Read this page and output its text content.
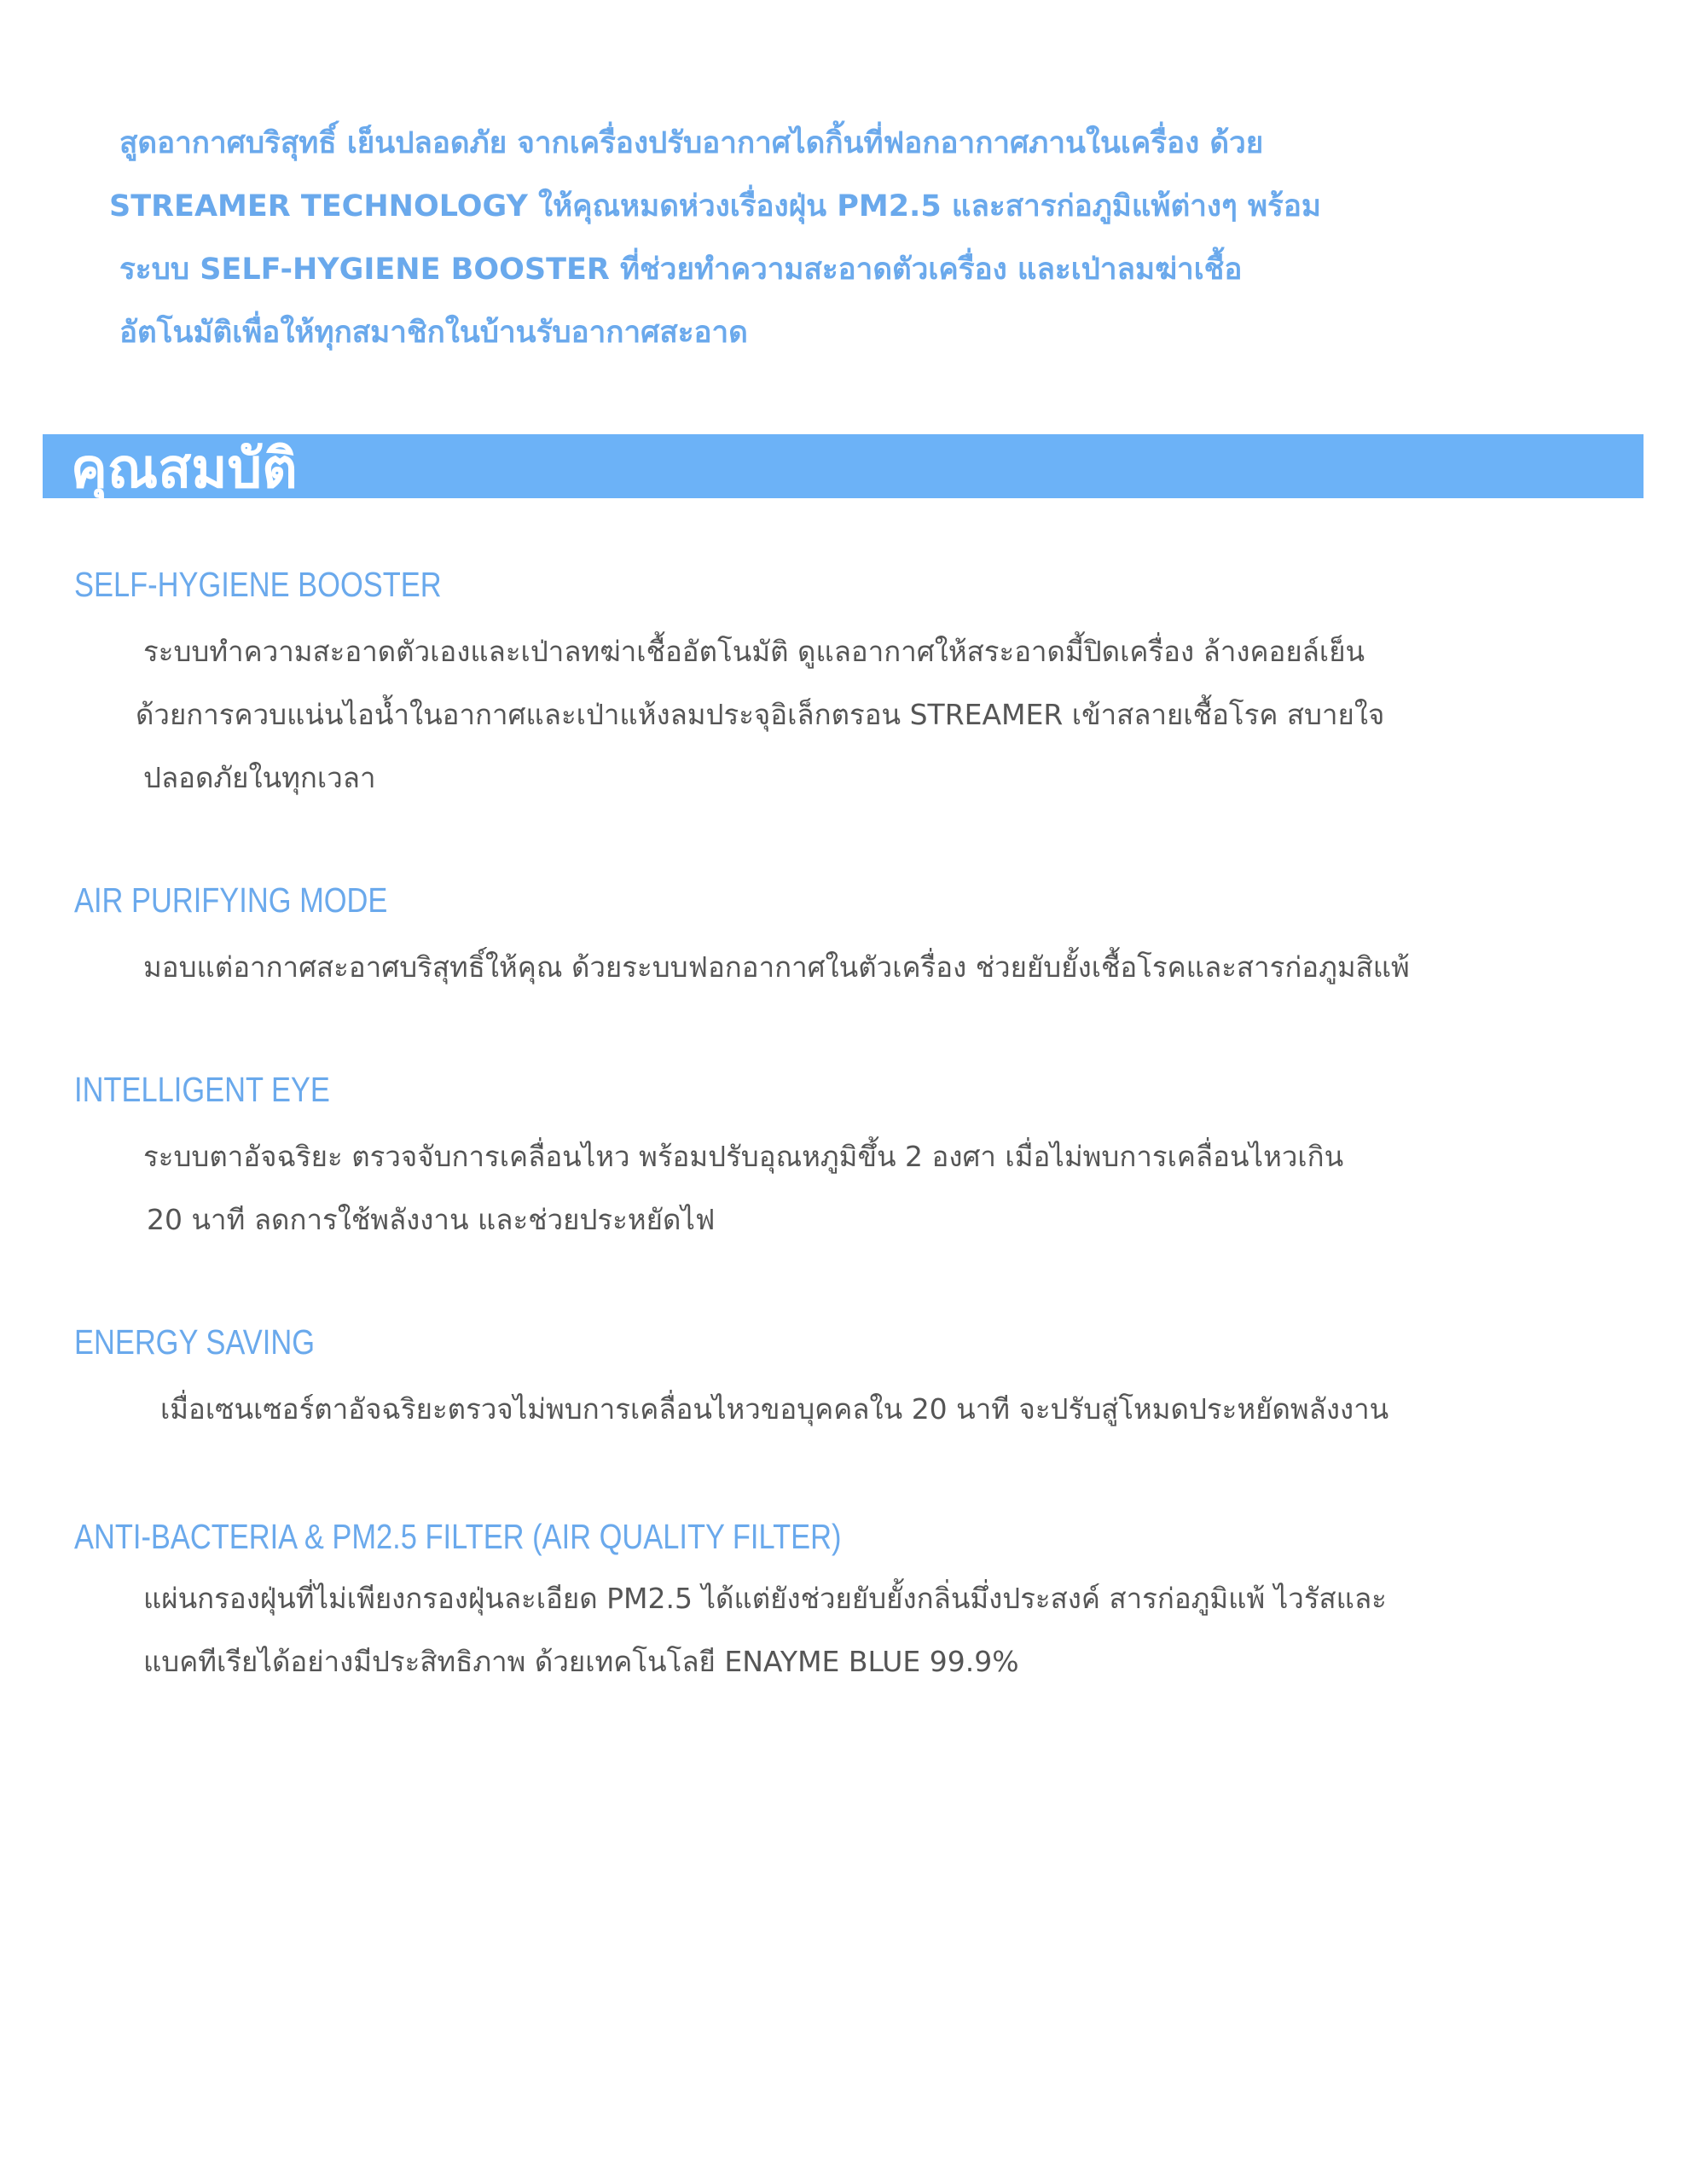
สูดอากาศบริสุทธิ์ เย็นปลอดภัย จากเครื่องปรับอากาศไดกิ้นที่ฟอกอากาศภานในเครื่อง ด้วย
STREAMER TECHNOLOGY ให้คุณหมดห่วงเรื่องฝุ่น PM2.5 และสารก่อภูมิแพ้ต่างๆ พร้อม
ระบบ SELF-HYGIENE BOOSTER ที่ช่วยทำความสะอาดตัวเครื่อง และเป่าลมฆ่าเชื้อ
อัตโนมัติเพื่อให้ทุกสมาชิกในบ้านรับอากาศสะอาด
คุณสมบัติ
SELF-HYGIENE BOOSTER
ระบบทำความสะอาดตัวเองและเป่าลทฆ่าเชื้ออัตโนมัติ ดูแลอากาศให้สระอาดมี้ปิดเครื่อง ล้างคอยล์เย็น
ด้วยการควบแน่นไอน้ำในอากาศและเป่าแห้งลมประจุอิเล็กตรอน STREAMER เข้าสลายเชื้อโรค สบายใจ
ปลอดภัยในทุกเวลา
AIR PURIFYING MODE
มอบแต่อากาศสะอาศบริสุทธิ์ให้คุณ ด้วยระบบฟอกอากาศในตัวเครื่อง ช่วยยับยั้งเชื้อโรคและสารก่อภูมสิแพ้
INTELLIGENT EYE
ระบบตาอัจฉริยะ ตรวจจับการเคลื่อนไหว พร้อมปรับอุณหภูมิขึ้น 2 องศา เมื่อไม่พบการเคลื่อนไหวเกิน
20 นาที ลดการใช้พลังงาน และช่วยประหยัดไฟ
ENERGY SAVING
เมื่อเซนเซอร์ตาอัจฉริยะตรวจไม่พบการเคลื่อนไหวขอบุคคลใน 20 นาที จะปรับสู่โหมดประหยัดพลังงาน
ANTI-BACTERIA & PM2.5 FILTER (AIR QUALITY FILTER)
แผ่นกรองฝุ่นที่ไม่เพียงกรองฝุ่นละเอียด PM2.5 ได้แต่ยังช่วยยับยั้งกลิ่นมึ่งประสงค์ สารก่อภูมิแพ้ ไวรัสและ
แบคทีเรียได้อย่างมีประสิทธิภาพ ด้วยเทคโนโลยี ENAYME BLUE 99.9%
